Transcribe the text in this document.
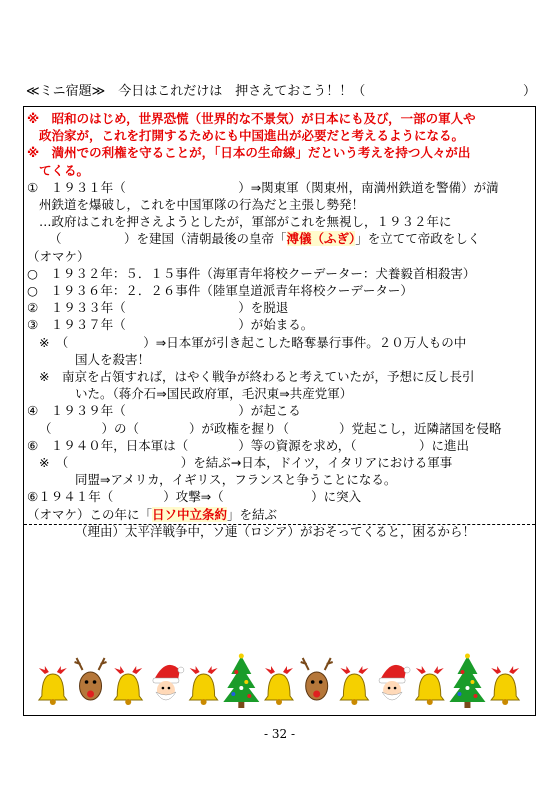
≪ミニ宿題≫　今日はこれだけは　押さえておこう！！（	）
※　昭和のはじめ，世界恐慌（世界的な不景気）が日本にも及び，一部の軍人や
政治家が，これを打開するためにも中国進出が必要だと考えるようになる。
※　満州での利権を守ることが，「日本の生命線」だという考えを持つ人々が出
てくる。
①　１９３１年（　　　　　　　　　）⇒関東軍（関東州，南満州鉄道を警備）が満
州鉄道を爆破し，これを中国軍隊の行為だと主張し勢発！
…政府はこれを押さえようとしたが，軍部がこれを無視し，１９３２年に
（　　　　　）を建国（清朝最後の皇帝「溥儀（ふぎ）」を立てて帝政をしく
（オマケ）
○　１９３２年：５．１５事件（海軍青年将校クーデーター：犬養毅首相殺害）
○　１９３６年：２．２６事件（陸軍皇道派青年将校クーデーター）
②　１９３３年（　　　　　　　　　）を脱退
③　１９３７年（　　　　　　　　　）が始まる。
※　（　　　　　　）⇒日本軍が引き起こした略奪暴行事件。２０万人もの中
国人を殺害！
※　南京を占領すれば，はやく戦争が終わると考えていたが，予想に反し長引
いた。（蒋介石⇒国民政府軍，毛沢東⇒共産党軍）
④　１９３９年（　　　　　　　　　）が起こる
（　　　　）の（　　　　）が政権を握り（　　　　）党起こし，近隣諸国を侵略
⑥　１９４０年，日本軍は（　　　　）等の資源を求め，（　　　　　）に進出
※　（　　　　　　　　　）を結ぶ→日本，ドイツ，イタリアにおける軍事
同盟⇒アメリカ，イギリス，フランスと争うことになる。
⑥１９４１年（　　　　）攻撃⇒（　　　　　　　）に突入
（オマケ）この年に「日ソ中立条約」を結ぶ
（理由）太平洋戦争中，ソ連（ロシア）がおそってくると，困るから！
- 32 -
